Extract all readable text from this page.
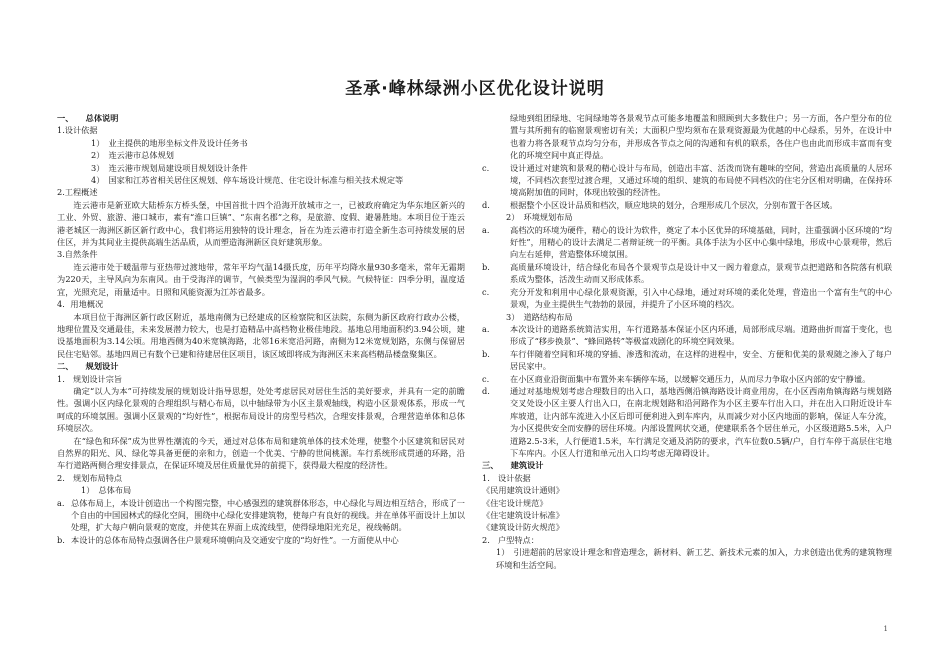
圣承·峰林绿洲小区优化设计说明

一、　　总体说明

1.设计依据

1）　业主提供的地形坐标文件及设计任务书

2）　连云港市总体规划

3）　连云港市规划局建设项目规划设计条件

4）　国家和江苏省相关居住区规划、停车场设计规范、住宅设计标准与相关技术规定等

2.工程概述

连云港市是新亚欧大陆桥东方桥头堡，中国首批十四个沿海开放城市之一，已被政府确定为华东地区新兴的工业、外贸、旅游、港口城市，素有“淮口巨镇”、“东南名郡”之称，是旅游、度假、避暑胜地。本项目位于连云港老城区一海洲区新区新行政中心，我们将运用独特的设计理念，旨在为连云港市打造全新生态可持续发展的居住区，并为其间业主提供高端生活品质，从而塑造海洲新区良好建筑形象。

3.自然条件

连云港市处于暖温带与亚热带过渡地带，常年平均气温14摄氏度，历年平均降水量930多毫米，常年无霜期为220天，主导风向为东南风。由于受海洋的调节，气候类型为湿润的季风气候。气候特征：四季分明，温度适宜，光照充足，雨量适中。日照和风能资源为江苏省最多。

4．用地概况

本项目位于海洲区新行政区附近，基地南侧为已经建成的区检察院和区法院，东侧为新区政府行政办公楼，地理位置及交通最佳，未来发展潜力较大，也是打造精品中高档物业极佳地段。基地总用地面积约3.94公顷，建设基地面积为3.14公顷。用地西侧为40米宽镇海路，北邻16米宽沿河路，南侧为12米宽规划路，东侧与保留居民住宅贴邻。基地四周已有数个已建和待建居住区项目，该区域即将成为海洲区未来高档精品楼盘聚集区。

二、　　规划设计

1.　规划设计宗旨

确定“以人为本”可持续发展的规划设计指导思想，处处考虑居民对居住生活的美好要求，并具有一定的前瞻性。强调小区内绿化景观的合理组织与精心布局，以中轴绿带为小区主景观轴线，构造小区景观体系，形成一气呵成的环境氛围。强调小区景观的“均好性”，根据布局设计的房型号档次，合理安排景观，合理营造单体和总体环境层次。

在“绿色和环保”成为世界性潮流的今天，通过对总体布局和建筑单体的技术处理，使整个小区建筑和居民对自然界的阳光、风、绿化等具备更便的亲和力，创造一个优美、宁静的世间桃源。车行系统形成贯通的环路，沿车行道路两侧合理安排景点，在保证环境及居住质量优异的前提下，获得最大程度的经济性。

2.　规划布局特点

1）　总体布局

a. 总体布局上，本设计创造出一个构图完整，中心感强烈的建筑群体形态，中心绿化与周边相互结合，形成了一个自由的中国园林式的绿化空间，围绕中心绿化安排建筑物，使每户有良好的视线。并在单体平面设计上加以处理，扩大每户朝向景观的宽度，并使其在界面上成流线型，使得绿地阳光充足，视线畅朗。
b. 本设计的总体布局特点强调各住户景观环境朝向及交通安宁度的“均好性”。一方面使从中心

绿地到组团绿地、宅间绿地等各景观节点可能多地覆盖和照顾到大多数住户；另一方面，各户型分布的位置与其所拥有的临窗景观密切有关；大面积户型均须布在景观资源最为优越的中心绿系，另外，在设计中也着力将各景观节点均匀分布，并形成各节点之间的沟通和有机的联系，各住户也由此而形成丰富而有变化的环境空间中真正得益。

c.	设计通过对建筑和景观的精心设计与布局，创造出丰富、活泼而饶有趣味的空间，营造出高质量的人居环境，不同档次套型过渡合理，又通过环境的组织、建筑的布局使不同档次的住宅分区相对明确，在保持环境高附加值的同时，体现出较强的经济性。
d.	根据整个小区设计品质和档次，顺应地块的划分，合理形成几个层次，分别布置于各区域。

2）　环境规划布局

a.	高档次的环境为硬件，精心的设计为软件，奠定了本小区优异的环境基础，同时，注重强调小区环境的“均好性”，用精心的设计去满足二者辩证统一的平衡。具体手法为小区中心集中绿地，形成中心景观带，然后向左右延伸，营造整体环境氛围。
b.	高质量环境设计，结合绿化布局各个景观节点是设计中又一阁力着意点，景观节点把道路和各院落有机联系成为整体，活泼生动而又形成体系。
c.	充分开发和利用中心绿化景观资源，引入中心绿地，通过对环境的柔化处理，营造出一个富有生气的中心景观，为业主提供生气勃勃的景园，并提升了小区环境的档次。

3）　道路结构布局

a.	本次设计的道路系统简洁实用，车行道路基本保证小区内环通，局部形成尽端。道路曲折而富于变化，也形成了“移步换景”、“蜂回路转”等极富戏剧化的环境空间效果。
b.	车行伴随着空间和环境的穿插、渗透和流动，在这样的进程中，安全、方便和优美的景观随之渗入了每户居民家中。
c.	在小区商业沿街面集中布置外来车辆停车场，以缓解交通压力，从而尽力争取小区内部的安宁静谧。
d.	通过对基地规划考虑合理数目的出入口，基地西侧沿镇海路设计商业用房，在小区西南角镇海路与规划路交叉处设小区主要人行出入口，在南北规划路和沿河路作为小区主要车行出入口，并在出入口附近设计车库坡道，让内部车流进入小区后即可便利进入到车库内，从而减少对小区内地面的影响，保证人车分流，为小区提供安全而安静的居住环境。内部设置网状交通，使建联系各个居住单元，小区级道路5.5米，入户道路2.5-3米，人行便道1.5米，车行满足交通及消防的要求，汽车位数0.5辆/户，自行车停于高层住宅地下车库内。小区人行道和单元出入口均考虑无障碍设计。

三、　　建筑设计

1.　设计依据

《民用建筑设计通则》

《住宅设计规范》

《住宅建筑设计标准》

《建筑设计防火规范》

2.　户型特点：

1）　引进超前的居家设计理念和营造理念，新材料、新工艺、新技术元素的加入，力求创造出优秀的建筑物理环境和生活空间。

1
